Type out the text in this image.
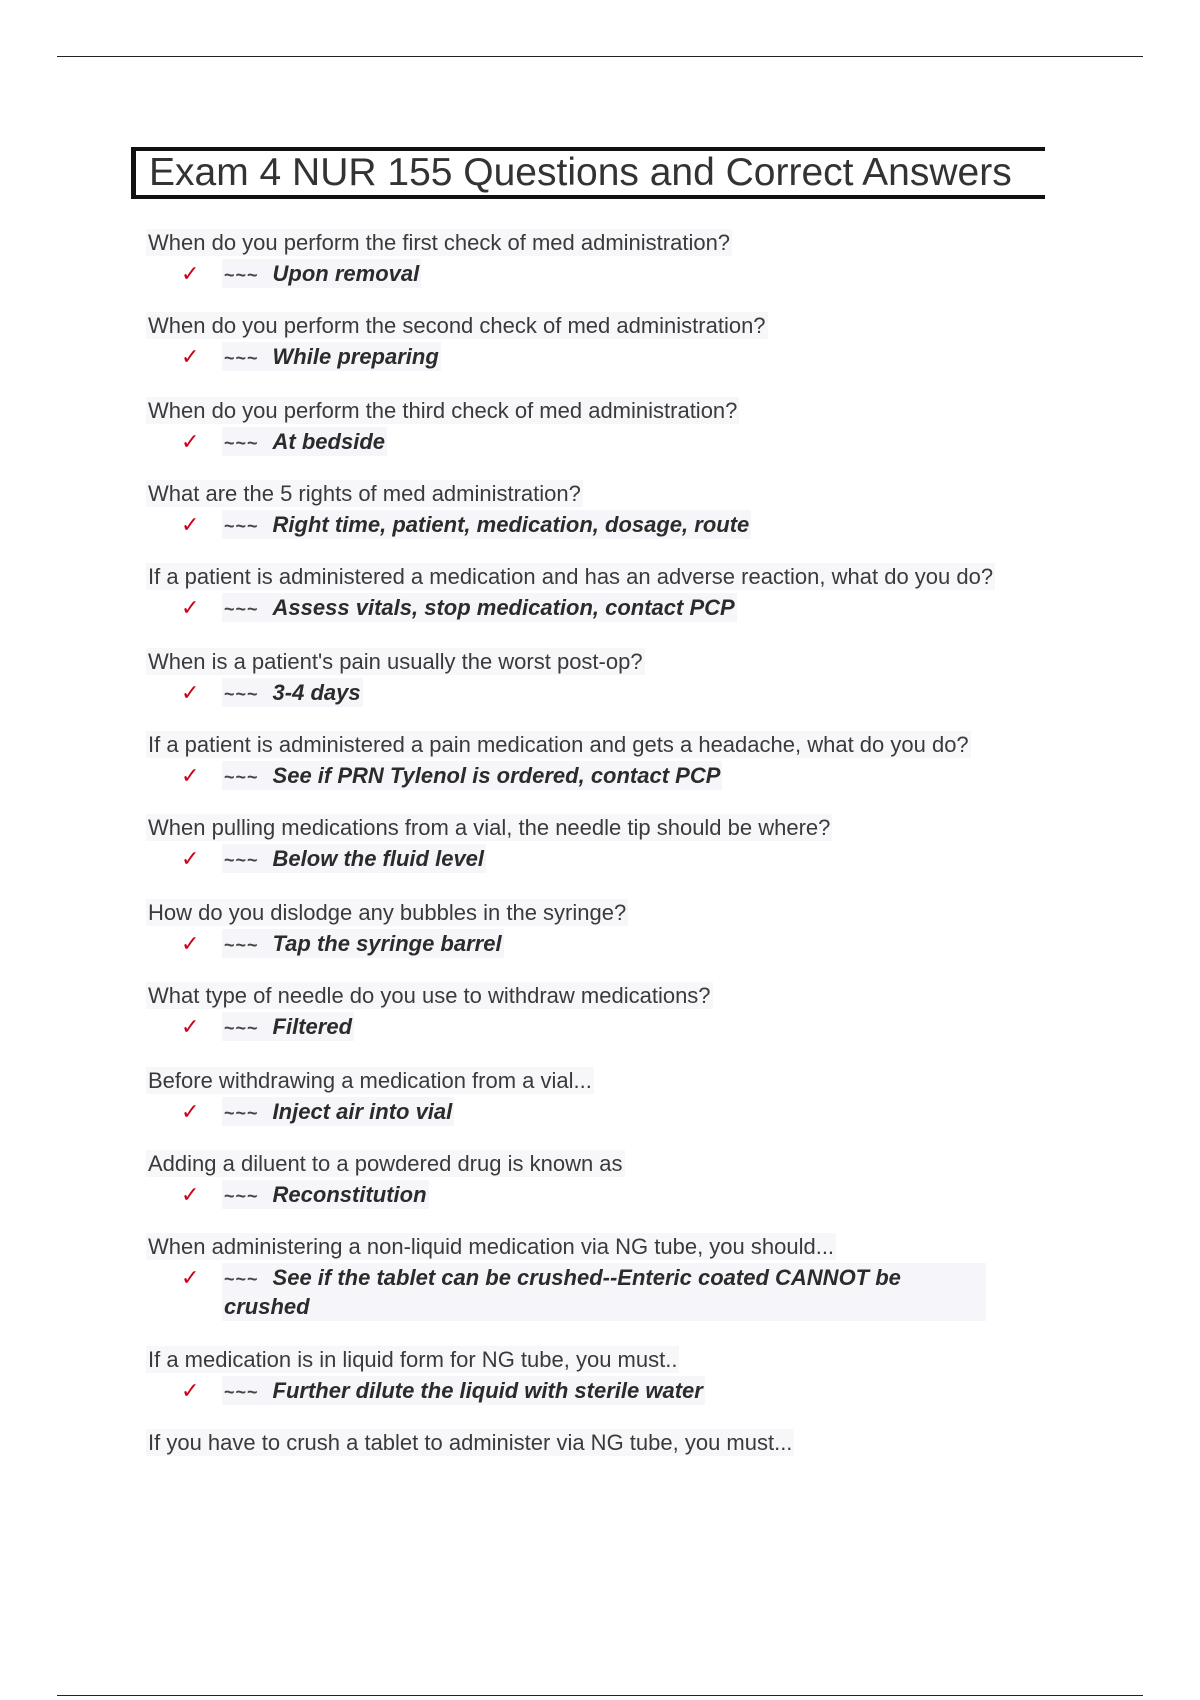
Exam 4 NUR 155 Questions and Correct Answers
When do you perform the first check of med administration?
✓	~~~ Upon removal
When do you perform the second check of med administration?
✓	~~~ While preparing
When do you perform the third check of med administration?
✓	~~~ At bedside
What are the 5 rights of med administration?
✓	~~~ Right time, patient, medication, dosage, route
If a patient is administered a medication and has an adverse reaction, what do you do?
✓	~~~ Assess vitals, stop medication, contact PCP
When is a patient's pain usually the worst post-op?
✓	~~~ 3-4 days
If a patient is administered a pain medication and gets a headache, what do you do?
✓	~~~ See if PRN Tylenol is ordered, contact PCP
When pulling medications from a vial, the needle tip should be where?
✓	~~~ Below the fluid level
How do you dislodge any bubbles in the syringe?
✓	~~~ Tap the syringe barrel
What type of needle do you use to withdraw medications?
✓	~~~ Filtered
Before withdrawing a medication from a vial...
✓	~~~ Inject air into vial
Adding a diluent to a powdered drug is known as
✓	~~~ Reconstitution
When administering a non-liquid medication via NG tube, you should...
✓	~~~ See if the tablet can be crushed--Enteric coated CANNOT be crushed
If a medication is in liquid form for NG tube, you must..
✓	~~~ Further dilute the liquid with sterile water
If you have to crush a tablet to administer via NG tube, you must...
